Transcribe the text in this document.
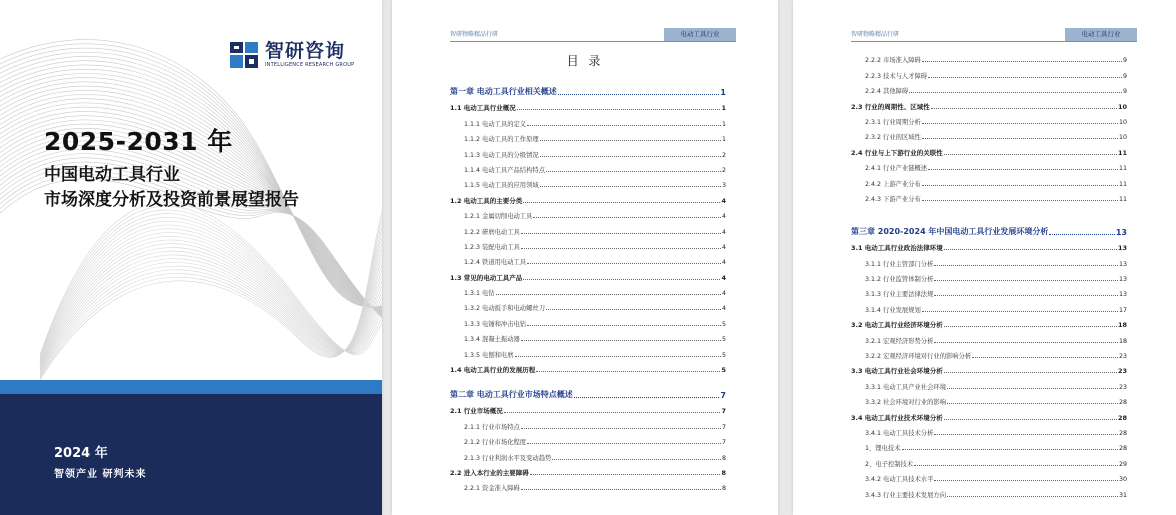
智研咨询
INTELLIGENCE RESEARCH GROUP
2025-2031 年
中国电动工具行业
市场深度分析及投资前景展望报告
2024 年
智领产业 研判未来
智研物略精品行研	电动工具行业
目 录
第一章 电动工具行业相关概述	1
1.1 电动工具行业概况	1
1.1.1 电动工具的定义	1
1.1.2 电动工具的工作原理	1
1.1.3 电动工具的分级情况	2
1.1.4 电动工具产品结构特点	2
1.1.5 电动工具的应用领域	3
1.2 电动工具的主要分类	4
1.2.1 金属切削电动工具	4
1.2.2 研磨电动工具	4
1.2.3 装配电动工具	4
1.2.4 铁道用电动工具	4
1.3 常见的电动工具产品	4
1.3.1 电钻	4
1.3.2 电动扳手和电动螺丝刀	4
1.3.3 电锤和冲击电钻	5
1.3.4 混凝土振动器	5
1.3.5 电刨和电磨	5
1.4 电动工具行业的发展历程	5
第二章 电动工具行业市场特点概述	7
2.1 行业市场概况	7
2.1.1 行业市场特点	7
2.1.2 行业市场化程度	7
2.1.3 行业利润水平及变动趋势	8
2.2 进入本行业的主要障碍	8
2.2.1 资金准入障碍	8
智研物略精品行研	电动工具行业
2.2.2 市场准入障碍	9
2.2.3 技术与人才障碍	9
2.2.4 其他障碍	9
2.3 行业的周期性、区域性	10
2.3.1 行业周期分析	10
2.3.2 行业的区域性	10
2.4 行业与上下游行业的关联性	11
2.4.1 行业产业链概述	11
2.4.2 上游产业分布	11
2.4.3 下游产业分布	11
第三章 2020-2024 年中国电动工具行业发展环境分析	13
3.1 电动工具行业政治法律环境	13
3.1.1 行业主管部门分析	13
3.1.2 行业监管体制分析	13
3.1.3 行业主要法律法规	13
3.1.4 行业发展规划	17
3.2 电动工具行业经济环境分析	18
3.2.1 宏观经济形势分析	18
3.2.2 宏观经济环境对行业的影响分析	23
3.3 电动工具行业社会环境分析	23
3.3.1 电动工具产业社会环境	23
3.3.2 社会环境对行业的影响	28
3.4 电动工具行业技术环境分析	28
3.4.1 电动工具技术分析	28
1、锂电技术	28
2、电子控制技术	29
3.4.2 电动工具技术水平	30
3.4.3 行业主要技术发展方向	31
